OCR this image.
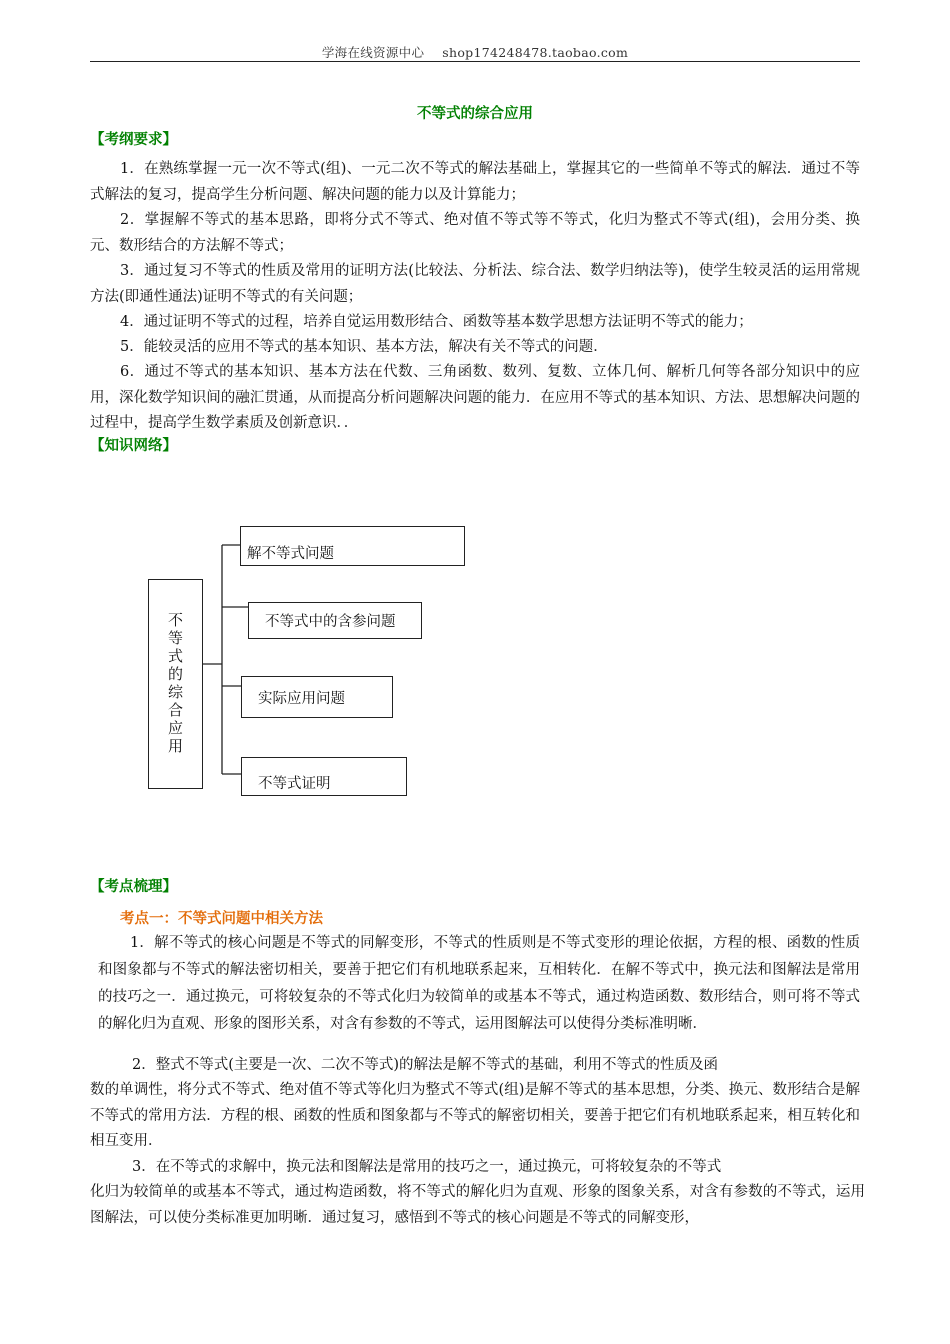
学海在线资源中心 shop174248478.taobao.com
不等式的综合应用
【考纲要求】
1．在熟练掌握一元一次不等式(组)、一元二次不等式的解法基础上，掌握其它的一些简单不等式的解法．通过不等式解法的复习，提高学生分析问题、解决问题的能力以及计算能力；
2．掌握解不等式的基本思路，即将分式不等式、绝对值不等式等不等式，化归为整式不等式(组)，会用分类、换元、数形结合的方法解不等式；
3．通过复习不等式的性质及常用的证明方法(比较法、分析法、综合法、数学归纳法等)，使学生较灵活的运用常规方法(即通性通法)证明不等式的有关问题；
4．通过证明不等式的过程，培养自觉运用数形结合、函数等基本数学思想方法证明不等式的能力；
5．能较灵活的应用不等式的基本知识、基本方法，解决有关不等式的问题．
6．通过不等式的基本知识、基本方法在代数、三角函数、数列、复数、立体几何、解析几何等各部分知识中的应用，深化数学知识间的融汇贯通，从而提高分析问题解决问题的能力．在应用不等式的基本知识、方法、思想解决问题的过程中，提高学生数学素质及创新意识．．
【知识网络】
不等式的综合应用
解不等式问题
不等式中的含参问题
实际应用问题
不等式证明
【考点梳理】
考点一：不等式问题中相关方法
1．解不等式的核心问题是不等式的同解变形，不等式的性质则是不等式变形的理论依据，方程的根、函数的性质和图象都与不等式的解法密切相关，要善于把它们有机地联系起来，互相转化．在解不等式中，换元法和图解法是常用的技巧之一．通过换元，可将较复杂的不等式化归为较简单的或基本不等式，通过构造函数、数形结合，则可将不等式的解化归为直观、形象的图形关系，对含有参数的不等式，运用图解法可以使得分类标准明晰．
2．整式不等式(主要是一次、二次不等式)的解法是解不等式的基础，利用不等式的性质及函
数的单调性，将分式不等式、绝对值不等式等化归为整式不等式(组)是解不等式的基本思想，分类、换元、数形结合是解不等式的常用方法．方程的根、函数的性质和图象都与不等式的解密切相关，要善于把它们有机地联系起来，相互转化和相互变用．
3．在不等式的求解中，换元法和图解法是常用的技巧之一，通过换元，可将较复杂的不等式
化归为较简单的或基本不等式，通过构造函数，将不等式的解化归为直观、形象的图象关系，对含有参数的不等式，运用图解法，可以使分类标准更加明晰．通过复习，感悟到不等式的核心问题是不等式的同解变形，
